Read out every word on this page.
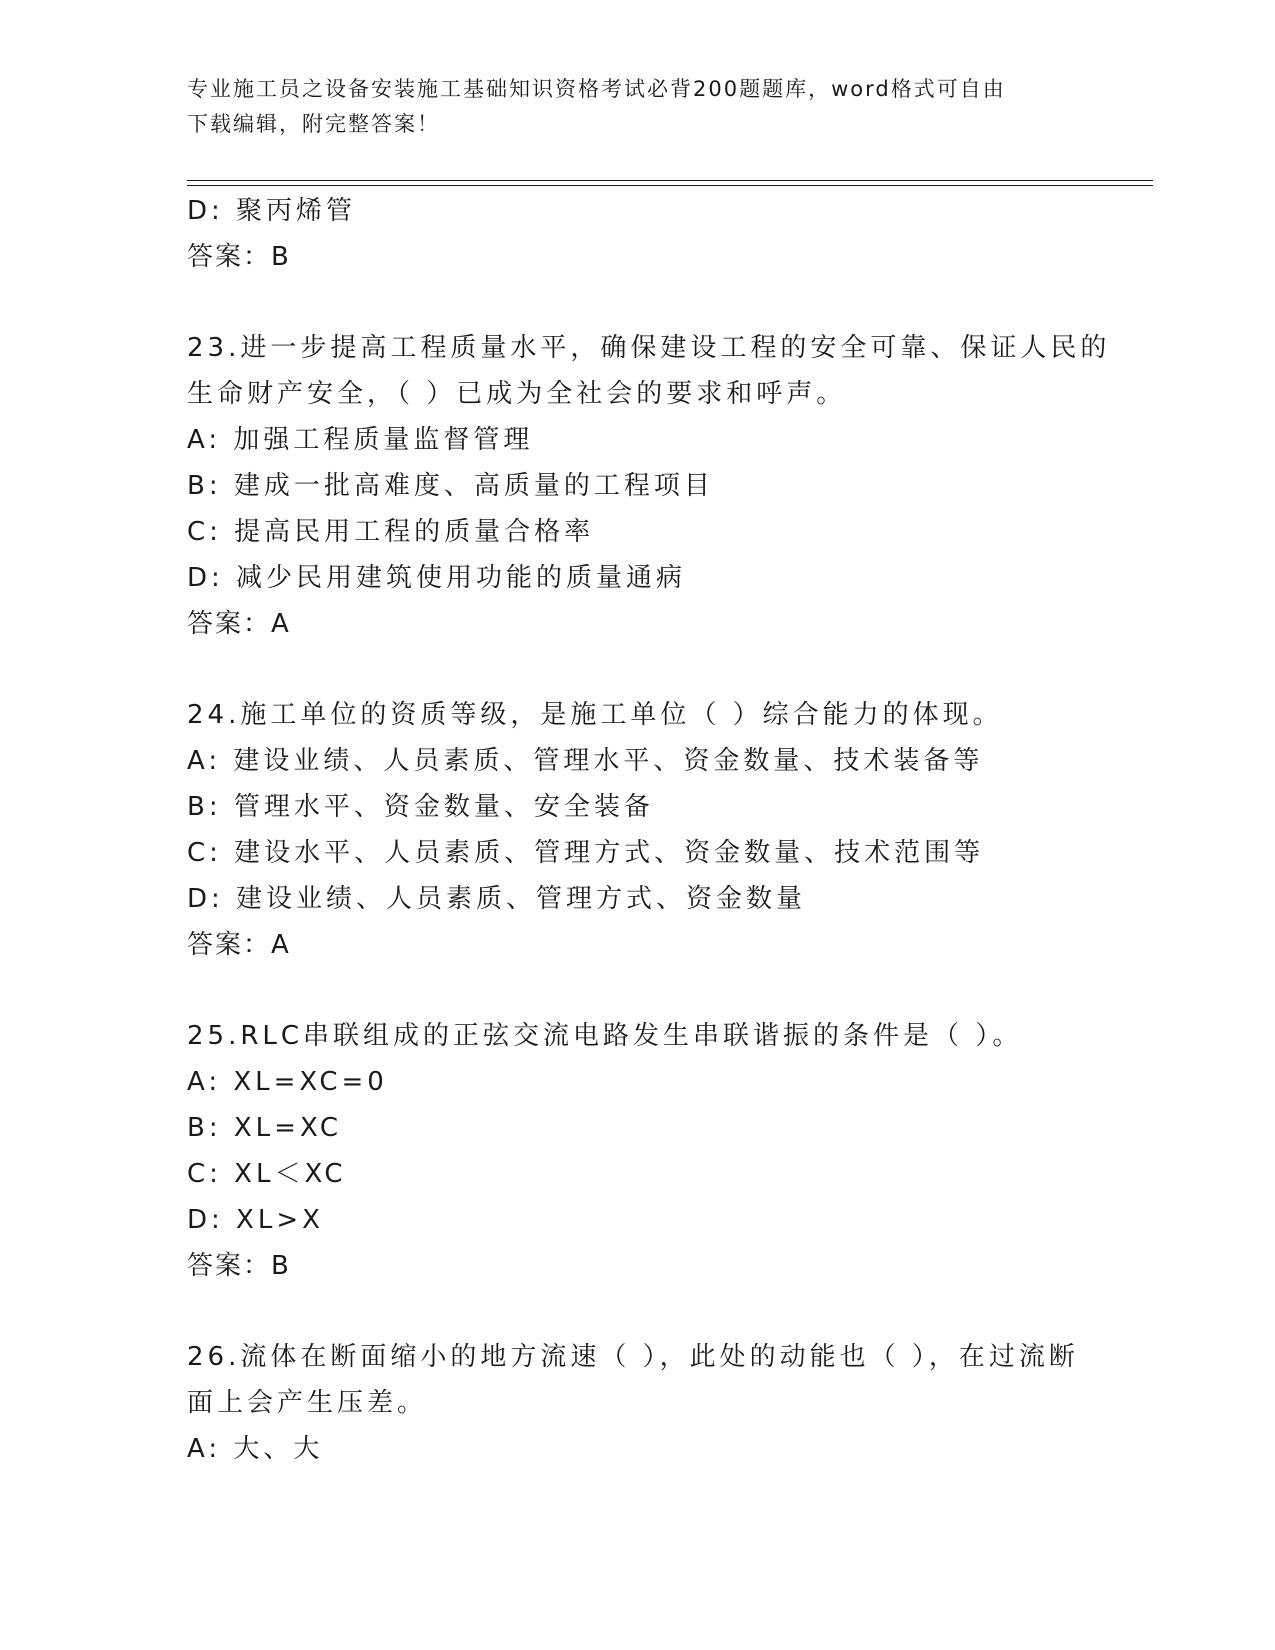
专业施工员之设备安装施工基础知识资格考试必背200题题库，word格式可自由
下载编辑，附完整答案！
D: 聚丙烯管
答案：B
23.进一步提高工程质量水平，确保建设工程的安全可靠、保证人民的
生命财产安全，（ ）已成为全社会的要求和呼声。
A: 加强工程质量监督管理
B: 建成一批高难度、高质量的工程项目
C: 提高民用工程的质量合格率
D: 减少民用建筑使用功能的质量通病
答案：A
24.施工单位的资质等级，是施工单位（ ）综合能力的体现。
A: 建设业绩、人员素质、管理水平、资金数量、技术装备等
B: 管理水平、资金数量、安全装备
C: 建设水平、人员素质、管理方式、资金数量、技术范围等
D: 建设业绩、人员素质、管理方式、资金数量
答案：A
25.RLC串联组成的正弦交流电路发生串联谐振的条件是（ ）。
A: XL=XC=0
B: XL=XC
C: XL＜XC
D: XL>X
答案：B
26.流体在断面缩小的地方流速（ ），此处的动能也（ ），在过流断
面上会产生压差。
A: 大、大
